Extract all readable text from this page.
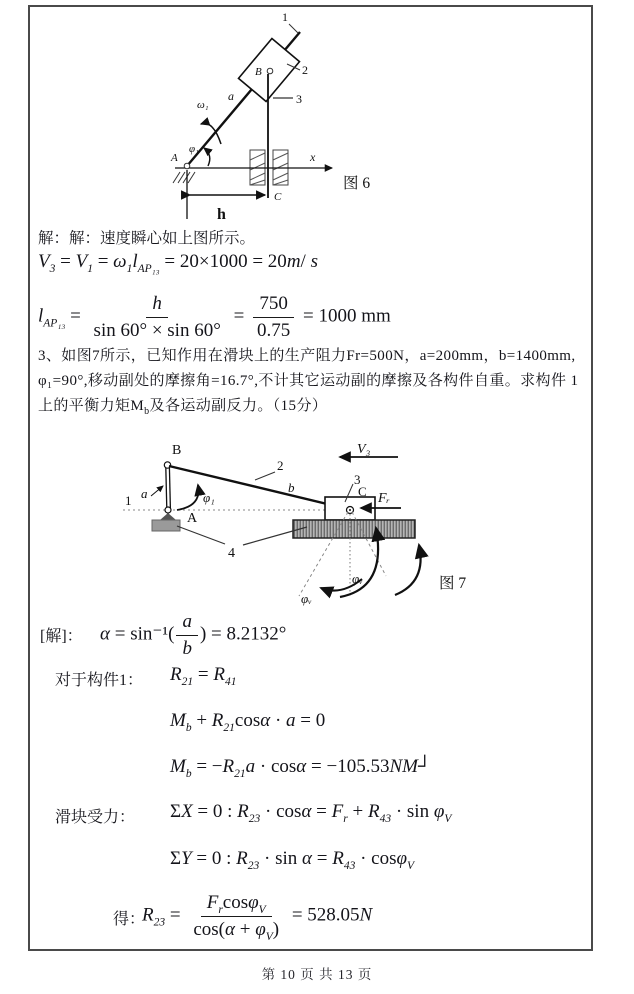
B
x
A
ω₁
φ₁
a
1
2
3
C
h
图 6
解：解：速度瞬心如上图所示。
$V_3 = V_1 = \omega_1l_{AP_{13}} = 20\times 1000 = 20m/$ s
$l_{AP_{13}} = \frac{h}{\sin 60^\circ \times \sin 60^\circ} = \frac{750}{0.75} = 1000$ mm
3、如图7所示，已知作用在滑块上的生产阻力Fr=500N，a=200mm，b=1400mm,
φ₁=90°,移动副处的摩擦角=16.7°,不计其它运动副的摩擦及各构件自重。求构件 1
上的平衡力矩$M_b$及各运动副反力。（15分）
1
B
A
a	φ₁
2
b
3
C Fᵣ
V₃
4
φᵥ
φᵥ
图 7
[解]： $\alpha = \sin^{-1}( \frac{a}{b}$ ) = 8.2132°
对于构件1： $R_{21} = R_{41}$
$M_b + R_{21}\cos\alpha \cdot a = 0$
$M_b = -R_{21}a \cdot \cos\alpha$ = −105.53NM┘
滑块受力： ΣX = 0 : $R_{23} \cdot \cos\alpha = F_r + R_{43} \cdot \sin \varphi_V$
ΣY = 0 : $R_{23} \cdot \sin \alpha = R_{43} \cdot \cos\varphi_V$
得：
$R_{23} = \frac{F_r\cos\varphi_V}{\cos(\alpha + \varphi_V)} = 528.05N$
第 10 页 共 13 页
